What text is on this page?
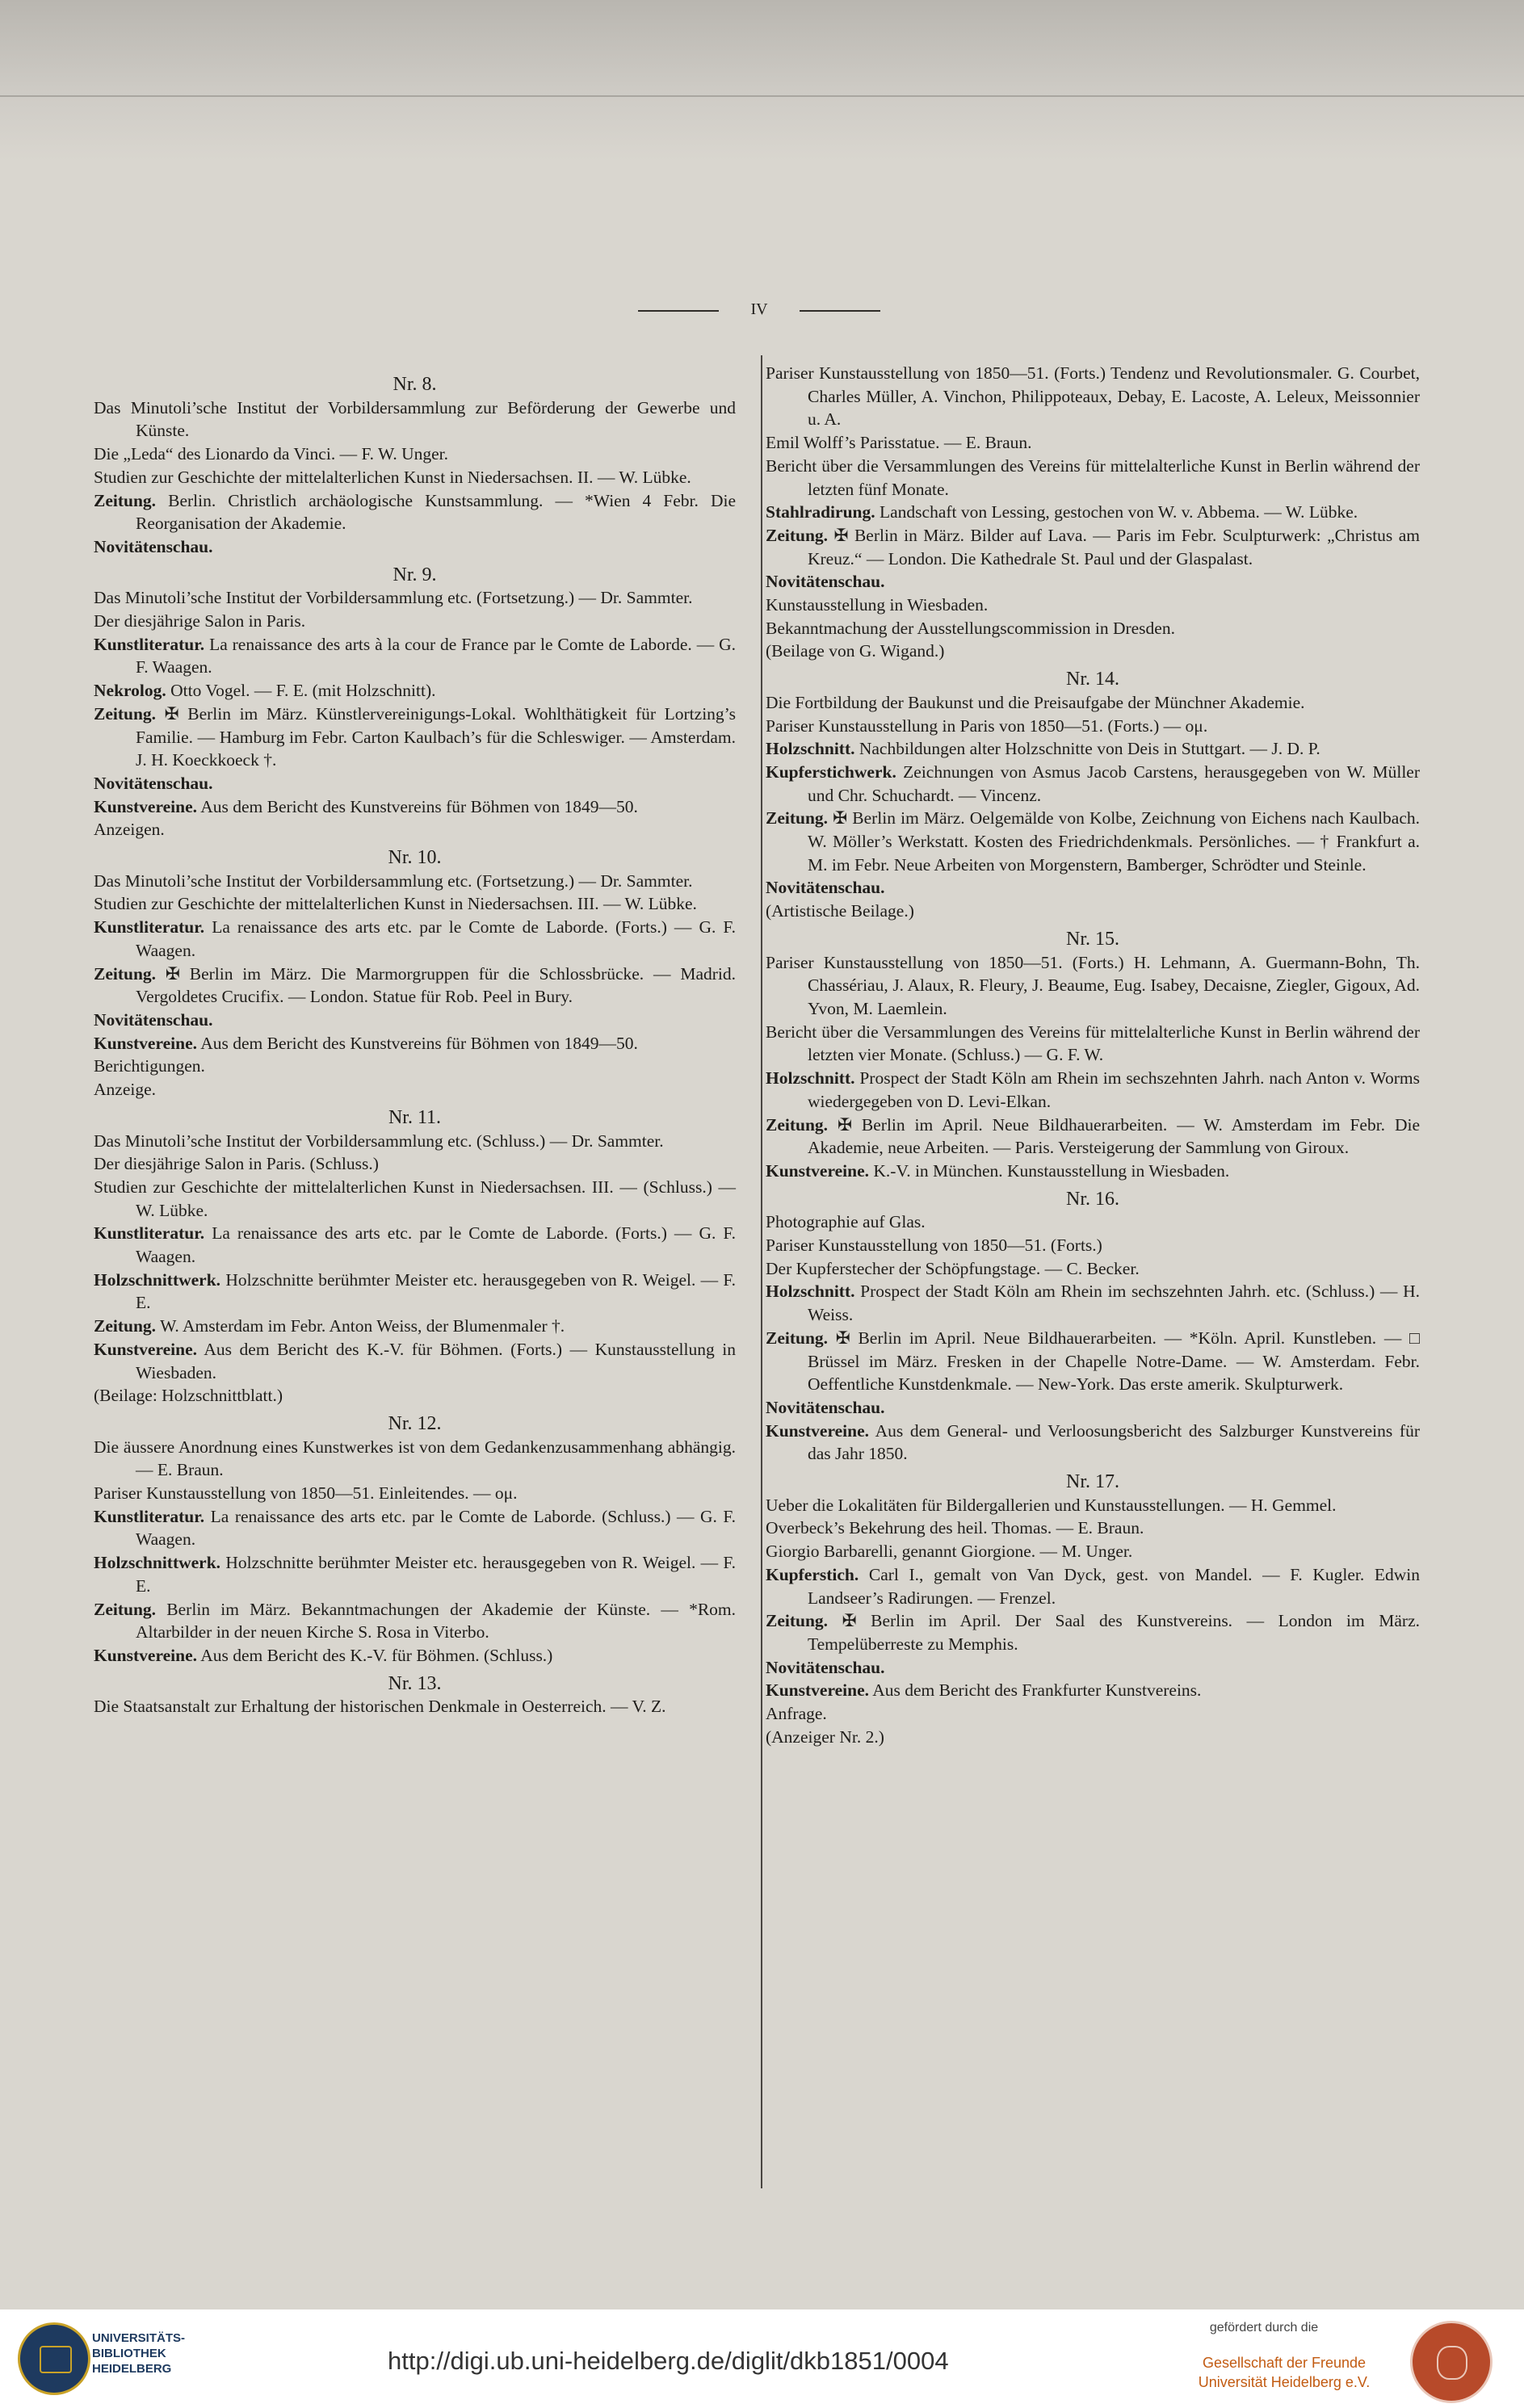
IV
Nr. 8.
Das Minutoli’sche Institut der Vorbildersammlung zur Beförderung der Gewerbe und Künste.
Die „Leda“ des Lionardo da Vinci. — F. W. Unger.
Studien zur Geschichte der mittelalterlichen Kunst in Niedersachsen. II. — W. Lübke.
Zeitung. Berlin. Christlich archäologische Kunstsammlung. — *Wien 4 Febr. Die Reorganisation der Akademie.
Novitätenschau.
Nr. 9.
Das Minutoli’sche Institut der Vorbildersammlung etc. (Fortsetzung.) — Dr. Sammter.
Der diesjährige Salon in Paris.
Kunstliteratur. La renaissance des arts à la cour de France par le Comte de Laborde. — G. F. Waagen.
Nekrolog. Otto Vogel. — F. E. (mit Holzschnitt).
Zeitung. ✠ Berlin im März. Künstlervereinigungs-Lokal. Wohlthätigkeit für Lortzing’s Familie. — Hamburg im Febr. Carton Kaulbach’s für die Schleswiger. — Amsterdam. J. H. Koeckkoeck †.
Novitätenschau.
Kunstvereine. Aus dem Bericht des Kunstvereins für Böhmen von 1849—50.
Anzeigen.
Nr. 10.
Das Minutoli’sche Institut der Vorbildersammlung etc. (Fortsetzung.) — Dr. Sammter.
Studien zur Geschichte der mittelalterlichen Kunst in Niedersachsen. III. — W. Lübke.
Kunstliteratur. La renaissance des arts etc. par le Comte de Laborde. (Forts.) — G. F. Waagen.
Zeitung. ✠ Berlin im März. Die Marmorgruppen für die Schlossbrücke. — Madrid. Vergoldetes Crucifix. — London. Statue für Rob. Peel in Bury.
Novitätenschau.
Kunstvereine. Aus dem Bericht des Kunstvereins für Böhmen von 1849—50.
Berichtigungen.
Anzeige.
Nr. 11.
Das Minutoli’sche Institut der Vorbildersammlung etc. (Schluss.) — Dr. Sammter.
Der diesjährige Salon in Paris. (Schluss.)
Studien zur Geschichte der mittelalterlichen Kunst in Niedersachsen. III. — (Schluss.) — W. Lübke.
Kunstliteratur. La renaissance des arts etc. par le Comte de Laborde. (Forts.) — G. F. Waagen.
Holzschnittwerk. Holzschnitte berühmter Meister etc. herausgegeben von R. Weigel. — F. E.
Zeitung. W. Amsterdam im Febr. Anton Weiss, der Blumenmaler †.
Kunstvereine. Aus dem Bericht des K.-V. für Böhmen. (Forts.) — Kunstausstellung in Wiesbaden.
(Beilage: Holzschnittblatt.)
Nr. 12.
Die äussere Anordnung eines Kunstwerkes ist von dem Gedankenzusammenhang abhängig. — E. Braun.
Pariser Kunstausstellung von 1850—51. Einleitendes. — ομ.
Kunstliteratur. La renaissance des arts etc. par le Comte de Laborde. (Schluss.) — G. F. Waagen.
Holzschnittwerk. Holzschnitte berühmter Meister etc. herausgegeben von R. Weigel. — F. E.
Zeitung. Berlin im März. Bekanntmachungen der Akademie der Künste. — *Rom. Altarbilder in der neuen Kirche S. Rosa in Viterbo.
Kunstvereine. Aus dem Bericht des K.-V. für Böhmen. (Schluss.)
Nr. 13.
Die Staatsanstalt zur Erhaltung der historischen Denkmale in Oesterreich. — V. Z.
Pariser Kunstausstellung von 1850—51. (Forts.) Tendenz und Revolutionsmaler. G. Courbet, Charles Müller, A. Vinchon, Philippoteaux, Debay, E. Lacoste, A. Leleux, Meissonnier u. A.
Emil Wolff’s Parisstatue. — E. Braun.
Bericht über die Versammlungen des Vereins für mittelalterliche Kunst in Berlin während der letzten fünf Monate.
Stahlradirung. Landschaft von Lessing, gestochen von W. v. Abbema. — W. Lübke.
Zeitung. ✠ Berlin in März. Bilder auf Lava. — Paris im Febr. Sculpturwerk: „Christus am Kreuz.“ — London. Die Kathedrale St. Paul und der Glaspalast.
Novitätenschau.
Kunstausstellung in Wiesbaden.
Bekanntmachung der Ausstellungscommission in Dresden.
(Beilage von G. Wigand.)
Nr. 14.
Die Fortbildung der Baukunst und die Preisaufgabe der Münchner Akademie.
Pariser Kunstausstellung in Paris von 1850—51. (Forts.) — ομ.
Holzschnitt. Nachbildungen alter Holzschnitte von Deis in Stuttgart. — J. D. P.
Kupferstichwerk. Zeichnungen von Asmus Jacob Carstens, herausgegeben von W. Müller und Chr. Schuchardt. — Vincenz.
Zeitung. ✠ Berlin im März. Oelgemälde von Kolbe, Zeichnung von Eichens nach Kaulbach. W. Möller’s Werkstatt. Kosten des Friedrichdenkmals. Persönliches. — † Frankfurt a. M. im Febr. Neue Arbeiten von Morgenstern, Bamberger, Schrödter und Steinle.
Novitätenschau.
(Artistische Beilage.)
Nr. 15.
Pariser Kunstausstellung von 1850—51. (Forts.) H. Lehmann, A. Guermann-Bohn, Th. Chassériau, J. Alaux, R. Fleury, J. Beaume, Eug. Isabey, Decaisne, Ziegler, Gigoux, Ad. Yvon, M. Laemlein.
Bericht über die Versammlungen des Vereins für mittelalterliche Kunst in Berlin während der letzten vier Monate. (Schluss.) — G. F. W.
Holzschnitt. Prospect der Stadt Köln am Rhein im sechszehnten Jahrh. nach Anton v. Worms wiedergegeben von D. Levi-Elkan.
Zeitung. ✠ Berlin im April. Neue Bildhauerarbeiten. — W. Amsterdam im Febr. Die Akademie, neue Arbeiten. — Paris. Versteigerung der Sammlung von Giroux.
Kunstvereine. K.-V. in München. Kunstausstellung in Wiesbaden.
Nr. 16.
Photographie auf Glas.
Pariser Kunstausstellung von 1850—51. (Forts.)
Der Kupferstecher der Schöpfungstage. — C. Becker.
Holzschnitt. Prospect der Stadt Köln am Rhein im sechszehnten Jahrh. etc. (Schluss.) — H. Weiss.
Zeitung. ✠ Berlin im April. Neue Bildhauerarbeiten. — *Köln. April. Kunstleben. — □ Brüssel im März. Fresken in der Chapelle Notre-Dame. — W. Amsterdam. Febr. Oeffentliche Kunstdenkmale. — New-York. Das erste amerik. Skulpturwerk.
Novitätenschau.
Kunstvereine. Aus dem General- und Verloosungsbericht des Salzburger Kunstvereins für das Jahr 1850.
Nr. 17.
Ueber die Lokalitäten für Bildergallerien und Kunstausstellungen. — H. Gemmel.
Overbeck’s Bekehrung des heil. Thomas. — E. Braun.
Giorgio Barbarelli, genannt Giorgione. — M. Unger.
Kupferstich. Carl I., gemalt von Van Dyck, gest. von Mandel. — F. Kugler. Edwin Landseer’s Radirungen. — Frenzel.
Zeitung. ✠ Berlin im April. Der Saal des Kunstvereins. — London im März. Tempelüberreste zu Memphis.
Novitätenschau.
Kunstvereine. Aus dem Bericht des Frankfurter Kunstvereins.
Anfrage.
(Anzeiger Nr. 2.)
UNIVERSITÄTS-
BIBLIOTHEK
HEIDELBERG	http://digi.ub.uni-heidelberg.de/diglit/dkb1851/0004
gefördert durch die
Gesellschaft der Freunde
Universität Heidelberg e.V.
